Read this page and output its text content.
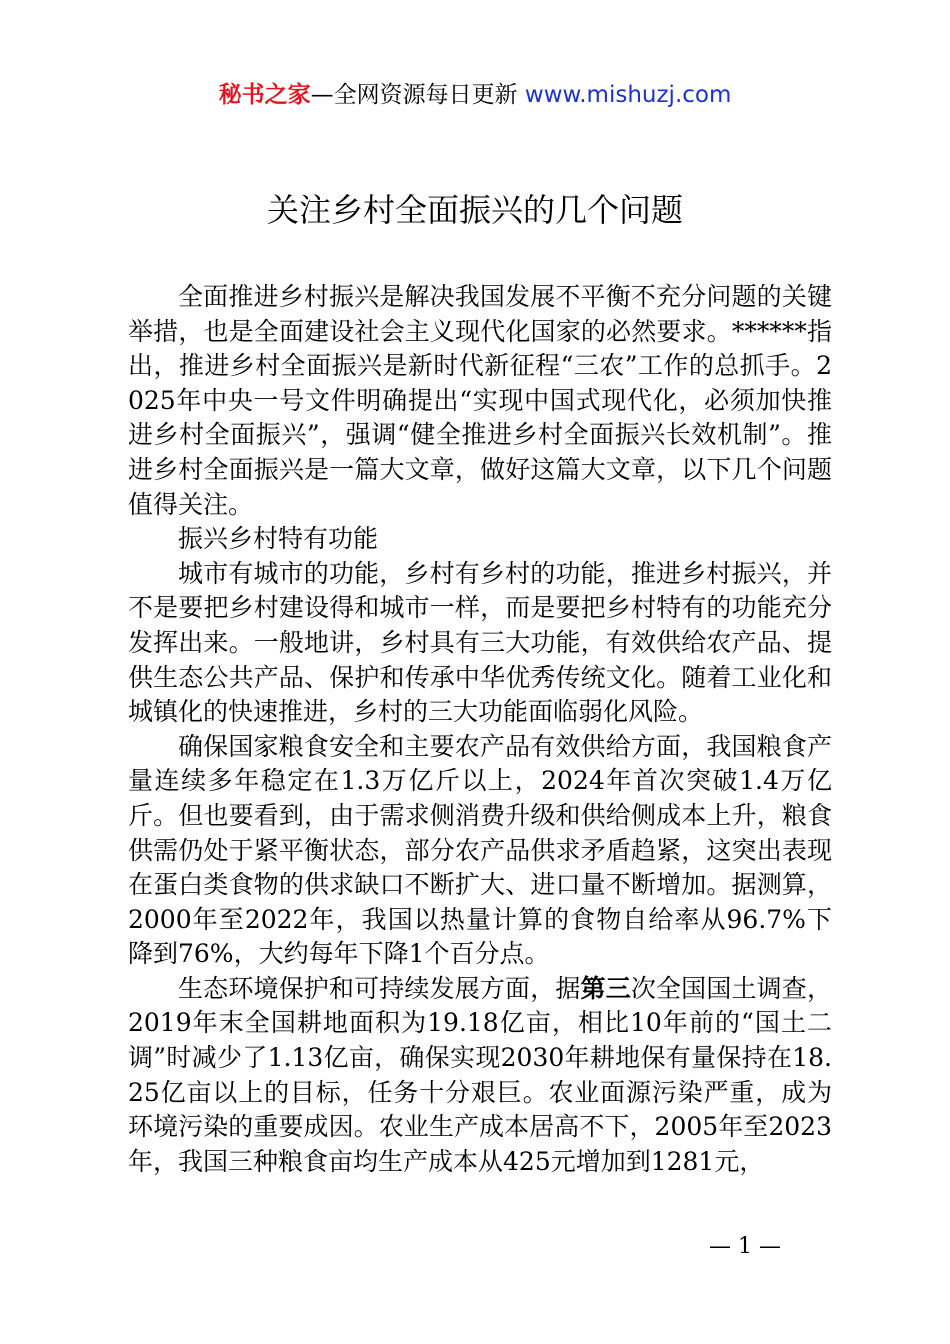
秘书之家—全网资源每日更新 www.mishuzj.com
关注乡村全面振兴的几个问题

全面推进乡村振兴是解决我国发展不平衡不充分问题的关键举措，也是全面建设社会主义现代化国家的必然要求。******指出，推进乡村全面振兴是新时代新征程“三农”工作的总抓手。2025年中央一号文件明确提出“实现中国式现代化，必须加快推进乡村全面振兴”，强调“健全推进乡村全面振兴长效机制”。推进乡村全面振兴是一篇大文章，做好这篇大文章，以下几个问题值得关注。

振兴乡村特有功能

城市有城市的功能，乡村有乡村的功能，推进乡村振兴，并不是要把乡村建设得和城市一样，而是要把乡村特有的功能充分发挥出来。一般地讲，乡村具有三大功能，有效供给农产品、提供生态公共产品、保护和传承中华优秀传统文化。随着工业化和城镇化的快速推进，乡村的三大功能面临弱化风险。

确保国家粮食安全和主要农产品有效供给方面，我国粮食产量连续多年稳定在1.3万亿斤以上，2024年首次突破1.4万亿斤。但也要看到，由于需求侧消费升级和供给侧成本上升，粮食供需仍处于紧平衡状态，部分农产品供求矛盾趋紧，这突出表现在蛋白类食物的供求缺口不断扩大、进口量不断增加。据测算，2000年至2022年，我国以热量计算的食物自给率从96.7%下降到76%，大约每年下降1个百分点。

生态环境保护和可持续发展方面，据第三次全国国土调查，2019年末全国耕地面积为19.18亿亩，相比10年前的“国土二调”时减少了1.13亿亩，确保实现2030年耕地保有量保持在18.25亿亩以上的目标，任务十分艰巨。农业面源污染严重，成为环境污染的重要成因。农业生产成本居高不下，2005年至2023年，我国三种粮食亩均生产成本从425元增加到1281元，

— 1 —
